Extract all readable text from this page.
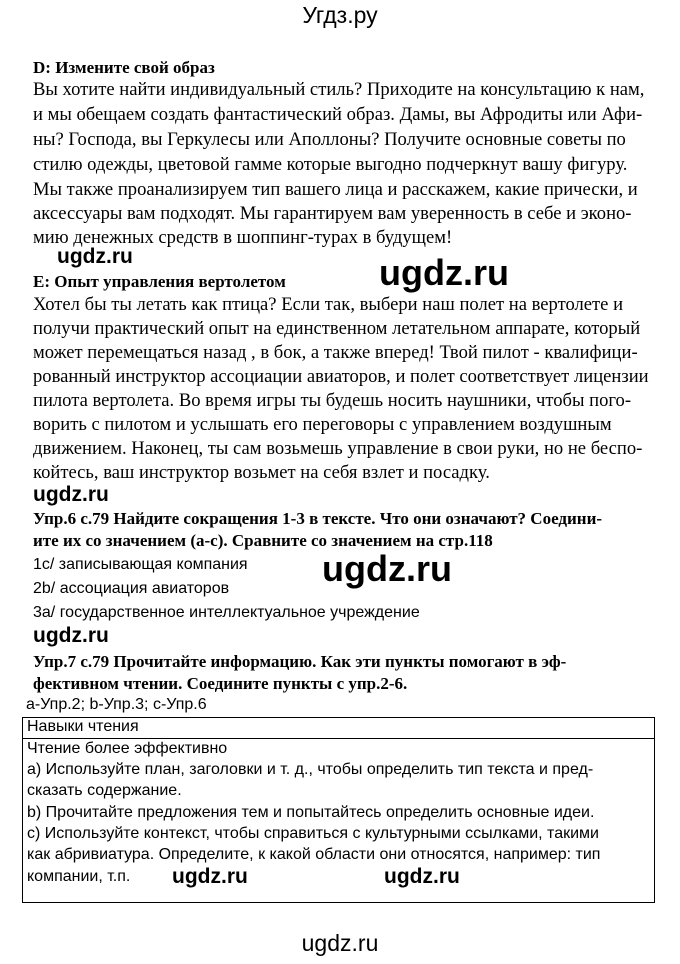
Угдз.ру
D: Измените свой образ
Вы хотите найти индивидуальный стиль? Приходите на консультацию к нам,
и мы обещаем создать фантастический образ. Дамы, вы Афродиты или Афи-
ны? Господа, вы Геркулесы или Аполлоны? Получите основные советы по
стилю одежды, цветовой гамме которые выгодно подчеркнут вашу фигуру.
Мы также проанализируем тип вашего лица и расскажем, какие прически, и
аксессуары вам подходят. Мы гарантируем вам уверенность в себе и эконо-
мию денежных средств в шоппинг-турах в будущем!
ugdz.ru	ugdz.ru
E: Опыт управления вертолетом
Хотел бы ты летать как птица? Если так, выбери наш полет на вертолете и
получи практический опыт на единственном летательном аппарате, который
может перемещаться назад , в бок, а также вперед! Твой пилот - квалифици-
рованный инструктор ассоциации авиаторов, и полет соответствует лицензии
пилота вертолета. Во время игры ты будешь носить наушники, чтобы пого-
ворить с пилотом и услышать его переговоры с управлением воздушным
движением. Наконец, ты сам возьмешь управление в свои руки, но не беспо-
койтесь, ваш инструктор возьмет на себя взлет и посадку.
ugdz.ru
Упр.6 с.79 Найдите сокращения 1-3 в тексте. Что они означают? Соедини-
ите их со значением (a-c). Сравните со значением на стр.118
1c/ записывающая компания
2b/ ассоциация авиаторов
3a/ государственное интеллектуальное учреждение
ugdz.ru
ugdz.ru
Упр.7 с.79 Прочитайте информацию. Как эти пункты помогают в эф-
фективном чтении. Соедините пункты с упр.2-6.
a-Упр.2; b-Упр.3; c-Упр.6
Навыки чтения
Чтение более эффективно
a) Используйте план, заголовки и т. д., чтобы определить тип текста и пред-
сказать содержание.
b) Прочитайте предложения тем и попытайтесь определить основные идеи.
c) Используйте контекст, чтобы справиться с культурными ссылками, такими
как абривиатура. Определите, к какой области они относятся, например: тип
компании, т.п. ugdz.ru	ugdz.ru
ugdz.ru
